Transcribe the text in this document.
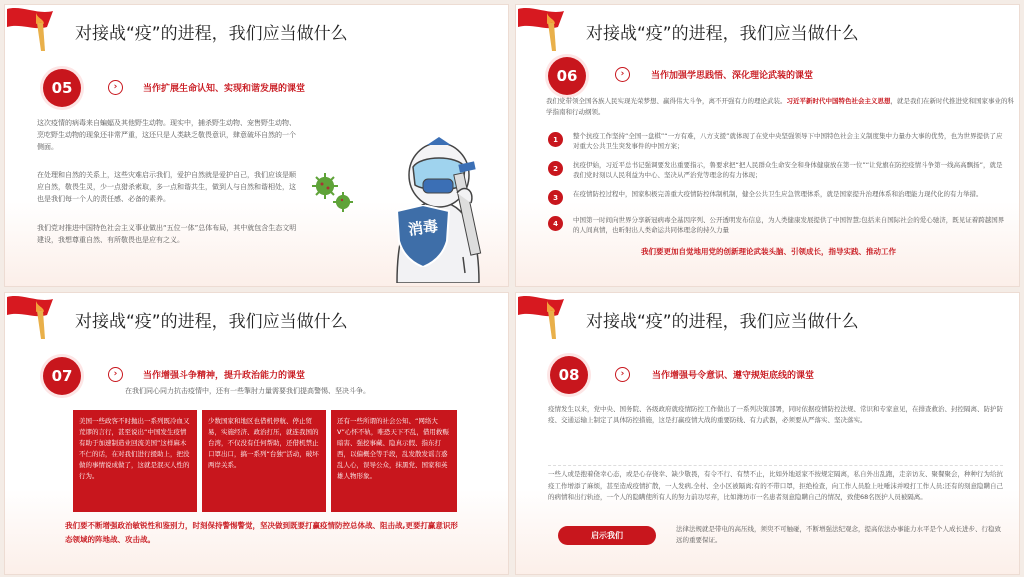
对接战“疫”的进程，我们应当做什么
05	›	当作扩展生命认知、实现和谐发展的课堂
这次疫情的病毒来自蝙蝠及其他野生动物。现实中，捕杀野生动物、宠售野生动物、烹吃野生动物的现象还非常严重，这还只是人类缺乏敬畏意识，肆意破坏自然的一个侧面。
在处理和自然的关系上，这些灾难启示我们，爱护自然就是爱护自己，我们应该是顺应自然，敬畏生灵，少一点猎杀索取，多一点和谐共生，做到人与自然和谐相处，这也是我们每一个人的责任感、必备的素养。
我们党对推进中国特色社会主义事业做出“五位一体”总体布局，其中就包含生态文明建设，我想尊重自然、有所敬畏也是应有之义。
消毒
对接战“疫”的进程，我们应当做什么
06	›	当作加强学思践悟、深化理论武装的课堂
我们党带领全国各族人民实现光荣梦想、赢得伟大斗争，离不开强有力的理论武装。习近平新时代中国特色社会主义思想，就是我们在新时代推进党和国家事业的科学指南和行动纲领。
1	整个抗疫工作坚持“全国一盘棋”“一方有难，八方支援”就体现了在党中央坚强领导下中国特色社会主义制度集中力量办大事的优势，也为世界提供了应对重大公共卫生突发事件的中国方案；
2	抗疫伊始，习近平总书记强调要发出重要指示，鲁要求把“把人民群众生命安全和身体健康放在第一位”“让党旗在防控疫情斗争第一线高高飘扬”，就是我们党时刻以人民利益为中心、坚决从严治党等理念的有力体现；
3	在疫情防控过程中，国家积极完善重大疫情防控体制机制，健全公共卫生应急管理体系，就是国家提升治理体系和治理能力现代化的有力举措。
4	中国第一时间向世界分享新冠病毒全基因序列、公开透明发布信息，为人类健康发展提供了中国智慧;包括来自国际社会的爱心驰济，既见证着跨越国界的人间真情，也昕射出人类命运共同体理念的持久力量
我们要更加自觉地用党的创新理论武装头脑、引领成长，指导实践、推动工作
对接战“疫”的进程，我们应当做什么
07	›	当作增强斗争精神，提升政治能力的课堂
在我们同心同力抗击疫情中，还有一些掣肘力量需要我们提高警惕、坚决斗争。
美国一些政客不时抛出一系列既冷血又荒谬的言行，甚至说出“中国发生疫情有助于加速制造业回流美国”这样麻木不仁的话，在对我们进行援助上，把没做的事情说成做了，这就是泯灭人性的行为。
少数国家和地区也借机停航、停止贸易，实施经济、政治打压，就连我国的台湾，不仅没有任何帮助，还借机禁止口罩出口，搞一系列“台独”活动，破坏两岸关系。
还有一些所谓的社会公知、“网络大V”心怀不轨，唯恐天下不乱，借用救赈暗害、强挖事藏、隐真示假、指东打西，以偏概全等手段，乱发散发谣言惑乱人心，误导公众，抹黑党、国家和英雄人物形象。
我们要不断增强政治敏锐性和鉴别力，时刻保持警惕警觉，坚决做到既要打赢疫情防控总体战、阻击战,更要打赢意识形态领域的阵地战、攻击战。
对接战“疫”的进程，我们应当做什么
08	›	当作增强号令意识、遵守规矩底线的课堂
疫情发生以来，党中央、国务院、各级政府就疫情防控工作做出了一系列决策部署，同时依据疫情防控法规、常识和专家意见，在排查救治、封控隔离、防护防疫、交通运输上制定了具体防控措施，这是打赢疫情大战的重要防线、有力武器，必须要从严落实、坚决落实。
一些人或是抱着侥幸心态，或是心存侥幸、缺少敬畏，有令不行、有禁不止，比如外地返家不按规定隔离，私自外出乱跑，走亲访友、聚餐聚会，种种行为给抗疫工作增添了麻烦，甚至造成疫情扩散，一人发病,全村、全小区被隔离;有的不带口罩，拒绝检查，向工作人员脸上吐唾沫并殴打工作人员;还有的刻意隐瞒自己的病情和出行轨迹，一个人的隐瞒使所有人的努力前功尽弃，比如潍坊市一名患者刻意隐瞒自己的情况，致使68名医护人员被隔离。
启示我们
法律法规就是带电的高压线，须臾不可触碰，不断增强法纪观念，提高依法办事能力水平是个人成长进步、行稳致远的重要保证。
